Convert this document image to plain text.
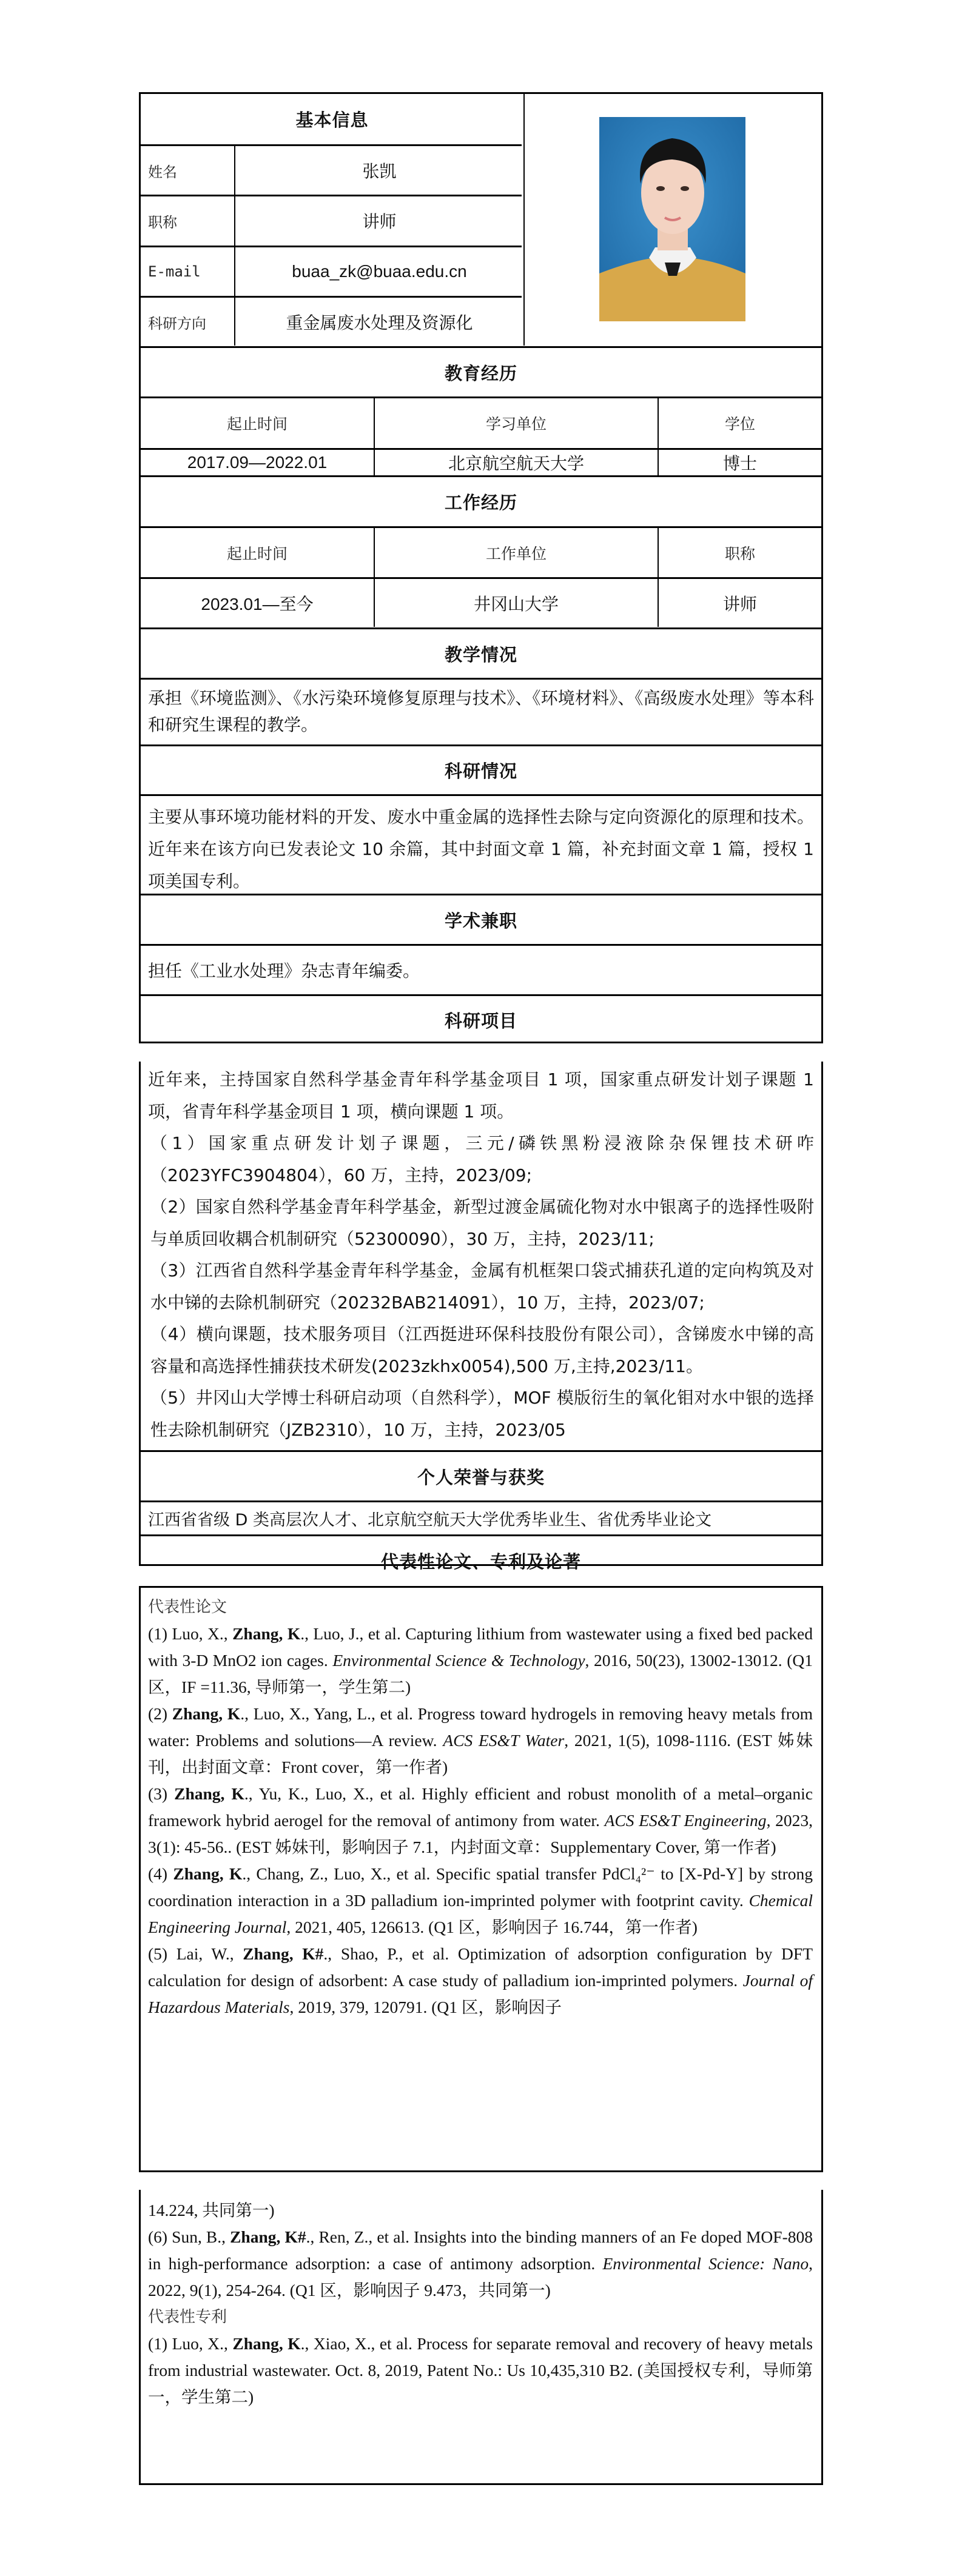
基本信息
姓名	张凯
职称	讲师
E-mail	buaa_zk@buaa.edu.cn
科研方向	重金属废水处理及资源化
教育经历
起止时间	学习单位	学位
2017.09—2022.01	北京航空航天大学	博士
工作经历
起止时间	工作单位	职称
2023.01—至今	井冈山大学	讲师
教学情况
承担《环境监测》、《水污染环境修复原理与技术》、《环境材料》、《高级废水处理》等本科和研究生课程的教学。
科研情况
主要从事环境功能材料的开发、废水中重金属的选择性去除与定向资源化的原理和技术。近年来在该方向已发表论文 10 余篇，其中封面文章 1 篇，补充封面文章 1 篇，授权 1 项美国专利。
学术兼职
担任《工业水处理》杂志青年编委。
科研项目
近年来，主持国家自然科学基金青年科学基金项目 1 项，国家重点研发计划子课题 1 项，省青年科学基金项目 1 项，横向课题 1 项。
（1）国家重点研发计划子课题，三元/磷铁黑粉浸液除杂保锂技术研咋（2023YFC3904804），60 万，主持，2023/09;
（2）国家自然科学基金青年科学基金，新型过渡金属硫化物对水中银离子的选择性吸附与单质回收耦合机制研究（52300090），30 万，主持，2023/11;
（3）江西省自然科学基金青年科学基金，金属有机框架口袋式捕获孔道的定向构筑及对水中锑的去除机制研究（20232BAB214091），10 万，主持，2023/07;
（4）横向课题，技术服务项目（江西挺进环保科技股份有限公司），含锑废水中锑的高容量和高选择性捕获技术研发(2023zkhx0054),500 万,主持,2023/11。
（5）井冈山大学博士科研启动项（自然科学），MOF 模版衍生的氧化钼对水中银的选择性去除机制研究（JZB2310），10 万，主持，2023/05
个人荣誉与获奖
江西省省级 D 类高层次人才、北京航空航天大学优秀毕业生、省优秀毕业论文
代表性论文、专利及论著

代表性论文

(1) Luo, X., Zhang, K., Luo, J., et al. Capturing lithium from wastewater using a fixed bed packed with 3-D MnO2 ion cages. Environmental Science & Technology, 2016, 50(23), 13002-13012. (Q1 区，IF =11.36, 导师第一，学生第二)

(2) Zhang, K., Luo, X., Yang, L., et al. Progress toward hydrogels in removing heavy metals from water: Problems and solutions—A review. ACS ES&T Water, 2021, 1(5), 1098-1116. (EST 姊妹刊，出封面文章：Front cover，第一作者)

(3) Zhang, K., Yu, K., Luo, X., et al. Highly efficient and robust monolith of a metal–organic framework hybrid aerogel for the removal of antimony from water. ACS ES&T Engineering, 2023, 3(1): 45-56.. (EST 姊妹刊，影响因子 7.1，内封面文章：Supplementary Cover, 第一作者)

(4) Zhang, K., Chang, Z., Luo, X., et al. Specific spatial transfer PdCl₄²⁻ to [X-Pd-Y] by strong coordination interaction in a 3D palladium ion-imprinted polymer with footprint cavity. Chemical Engineering Journal, 2021, 405, 126613. (Q1 区，影响因子 16.744，第一作者)

(5) Lai, W., Zhang, K#., Shao, P., et al. Optimization of adsorption configuration by DFT calculation for design of adsorbent: A case study of palladium ion-imprinted polymers. Journal of Hazardous Materials, 2019, 379, 120791. (Q1 区，影响因子

14.224, 共同第一)

(6) Sun, B., Zhang, K#., Ren, Z., et al. Insights into the binding manners of an Fe doped MOF-808 in high-performance adsorption: a case of antimony adsorption. Environmental Science: Nano, 2022, 9(1), 254-264. (Q1 区，影响因子 9.473，共同第一)

代表性专利

(1) Luo, X., Zhang, K., Xiao, X., et al. Process for separate removal and recovery of heavy metals from industrial wastewater. Oct. 8, 2019, Patent No.: Us 10,435,310 B2. (美国授权专利，导师第一，学生第二)
